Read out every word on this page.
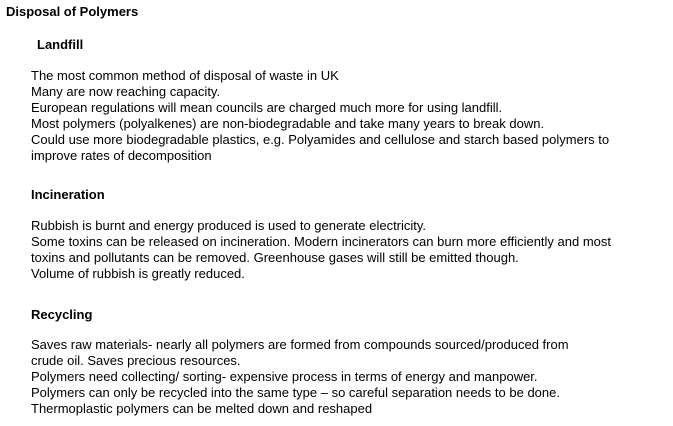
Disposal of Polymers
Landfill
The most common method of disposal of waste in UK
Many are now reaching capacity.
European regulations will mean councils are charged much more for using landfill.
Most polymers (polyalkenes) are non-biodegradable and take many years to break down.
Could use more biodegradable plastics, e.g. Polyamides and cellulose and starch based polymers to
improve rates of decomposition
Incineration
Rubbish is burnt and energy produced is used to generate electricity.
Some toxins can be released on incineration. Modern incinerators can burn more efficiently and most
toxins and pollutants can be removed. Greenhouse gases will still be emitted though.
Volume of rubbish is greatly reduced.
Recycling
Saves raw materials- nearly all polymers are formed from compounds sourced/produced from
crude oil. Saves precious resources.
Polymers need collecting/ sorting- expensive process in terms of energy and manpower.
Polymers can only be recycled into the same type – so careful separation needs to be done.
Thermoplastic polymers can be melted down and reshaped
